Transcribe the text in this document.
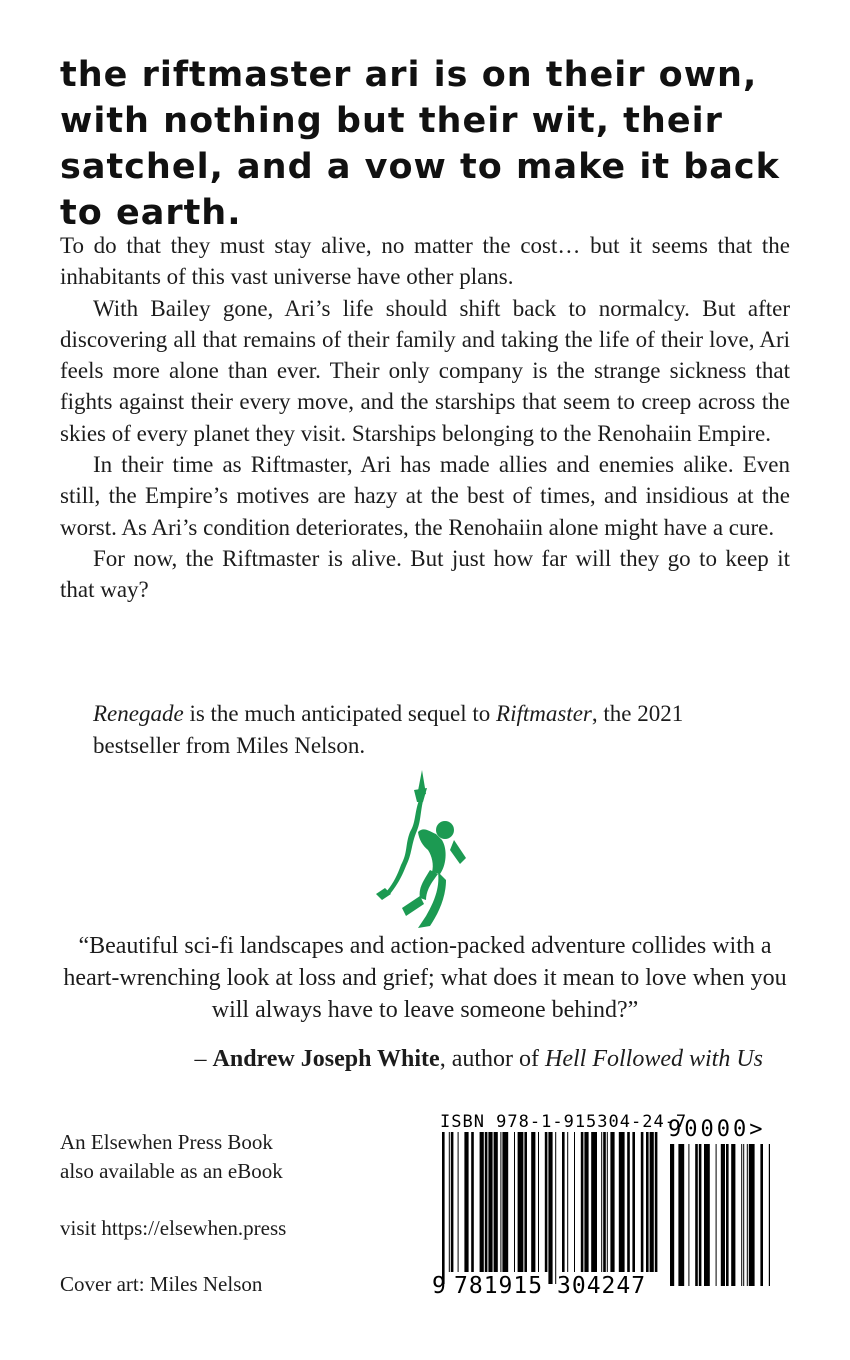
the riftmaster ari is on their own, with nothing but their wit, their satchel, and a vow to make it back to earth.

To do that they must stay alive, no matter the cost… but it seems that the inhabitants of this vast universe have other plans.

With Bailey gone, Ari’s life should shift back to normalcy. But after discovering all that remains of their family and taking the life of their love, Ari feels more alone than ever. Their only company is the strange sickness that fights against their every move, and the starships that seem to creep across the skies of every planet they visit. Starships belonging to the Renohaiin Empire.

In their time as Riftmaster, Ari has made allies and enemies alike. Even still, the Empire’s motives are hazy at the best of times, and insidious at the worst. As Ari’s condition deteriorates, the Renohaiin alone might have a cure.

For now, the Riftmaster is alive. But just how far will they go to keep it that way?

Renegade is the much anticipated sequel to Riftmaster, the 2021 bestseller from Miles Nelson.

“Beautiful sci-fi landscapes and action-packed adventure collides with a heart-wrenching look at loss and grief; what does it mean to love when you will always have to leave someone behind?”

– Andrew Joseph White, author of Hell Followed with Us

An Elsewhen Press Book

also available as an eBook

visit https://elsewhen.press

Cover art: Miles Nelson

ISBN 978-1-915304-24-7
90000>
9 781915 304247
